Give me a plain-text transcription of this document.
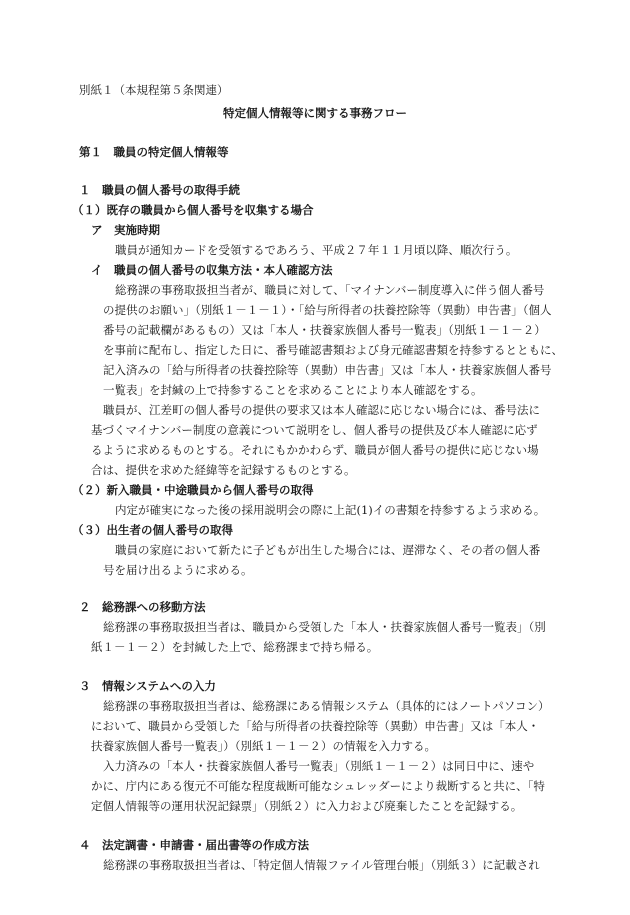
別紙１（本規程第５条関連）
特定個人情報等に関する事務フロー
第１　職員の特定個人情報等
１　職員の個人番号の取得手続
（１）既存の職員から個人番号を収集する場合
ア　実施時期
職員が通知カードを受領するであろう、平成２７年１１月頃以降、順次行う。
イ　職員の個人番号の収集方法・本人確認方法
総務課の事務取扱担当者が、職員に対して、「マイナンバー制度導入に伴う個人番号
の提供のお願い」（別紙１－１－１）・「給与所得者の扶養控除等（異動）申告書」（個人
番号の記載欄があるもの）又は「本人・扶養家族個人番号一覧表」（別紙１－１－２）
を事前に配布し、指定した日に、番号確認書類および身元確認書類を持参するとともに、
記入済みの「給与所得者の扶養控除等（異動）申告書」又は「本人・扶養家族個人番号
一覧表」を封緘の上で持参することを求めることにより本人確認をする。
職員が、江差町の個人番号の提供の要求又は本人確認に応じない場合には、番号法に
基づくマイナンバー制度の意義について説明をし、個人番号の提供及び本人確認に応ず
るように求めるものとする。それにもかかわらず、職員が個人番号の提供に応じない場
合は、提供を求めた経緯等を記録するものとする。
（２）新入職員・中途職員から個人番号の取得
内定が確実になった後の採用説明会の際に上記(1)イの書類を持参するよう求める。
（３）出生者の個人番号の取得
職員の家庭において新たに子どもが出生した場合には、遅滞なく、その者の個人番
号を届け出るように求める。
２　総務課への移動方法
総務課の事務取扱担当者は、職員から受領した「本人・扶養家族個人番号一覧表」（別
紙１－１－２）を封緘した上で、総務課まで持ち帰る。
３　情報システムへの入力
総務課の事務取扱担当者は、総務課にある情報システム（具体的にはノートパソコン）
において、職員から受領した「給与所得者の扶養控除等（異動）申告書」又は「本人・
扶養家族個人番号一覧表」）（別紙１－１－２）の情報を入力する。
入力済みの「本人・扶養家族個人番号一覧表」（別紙１－１－２）は同日中に、速や
かに、庁内にある復元不可能な程度裁断可能なシュレッダーにより裁断すると共に、「特
定個人情報等の運用状況記録票」（別紙２）に入力および廃棄したことを記録する。
４　法定調書・申請書・届出書等の作成方法
総務課の事務取扱担当者は、「特定個人情報ファイル管理台帳」（別紙３）に記載され
